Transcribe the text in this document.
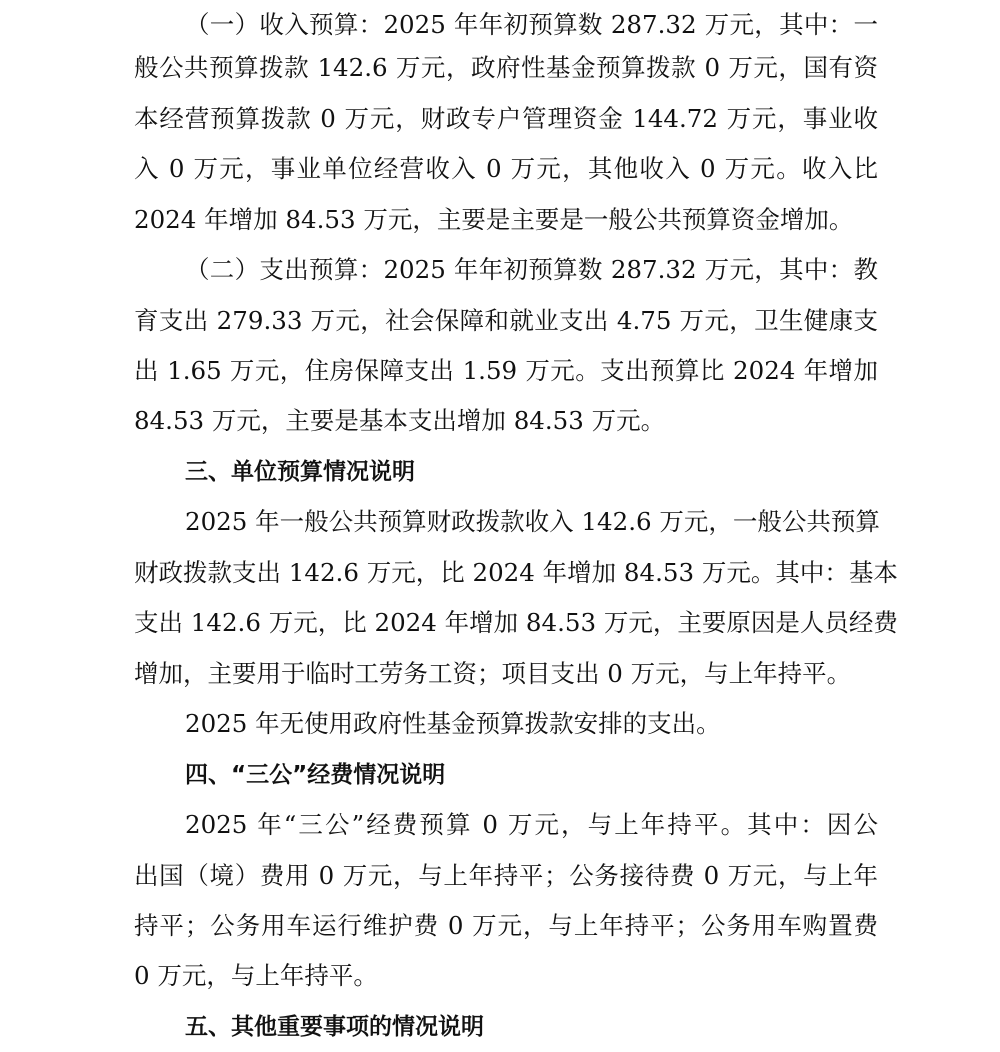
（一）收入预算：2025 年年初预算数 287.32 万元，其中：一
般公共预算拨款 142.6 万元，政府性基金预算拨款 0 万元，国有资
本经营预算拨款 0 万元，财政专户管理资金 144.72 万元，事业收
入 0 万元，事业单位经营收入 0 万元，其他收入 0 万元。收入比
2024 年增加 84.53 万元，主要是主要是一般公共预算资金增加。
（二）支出预算：2025 年年初预算数 287.32 万元，其中：教
育支出 279.33 万元，社会保障和就业支出 4.75 万元，卫生健康支
出 1.65 万元，住房保障支出 1.59 万元。支出预算比 2024 年增加
84.53 万元，主要是基本支出增加 84.53 万元。
三、单位预算情况说明
2025 年一般公共预算财政拨款收入 142.6 万元，一般公共预算
财政拨款支出 142.6 万元，比 2024 年增加 84.53 万元。其中：基本
支出 142.6 万元，比 2024 年增加 84.53 万元，主要原因是人员经费
增加，主要用于临时工劳务工资；项目支出 0 万元，与上年持平。
2025 年无使用政府性基金预算拨款安排的支出。
四、“三公”经费情况说明
2025 年“三公”经费预算 0 万元，与上年持平。其中：因公
出国（境）费用 0 万元，与上年持平；公务接待费 0 万元，与上年
持平；公务用车运行维护费 0 万元，与上年持平；公务用车购置费
0 万元，与上年持平。
五、其他重要事项的情况说明
